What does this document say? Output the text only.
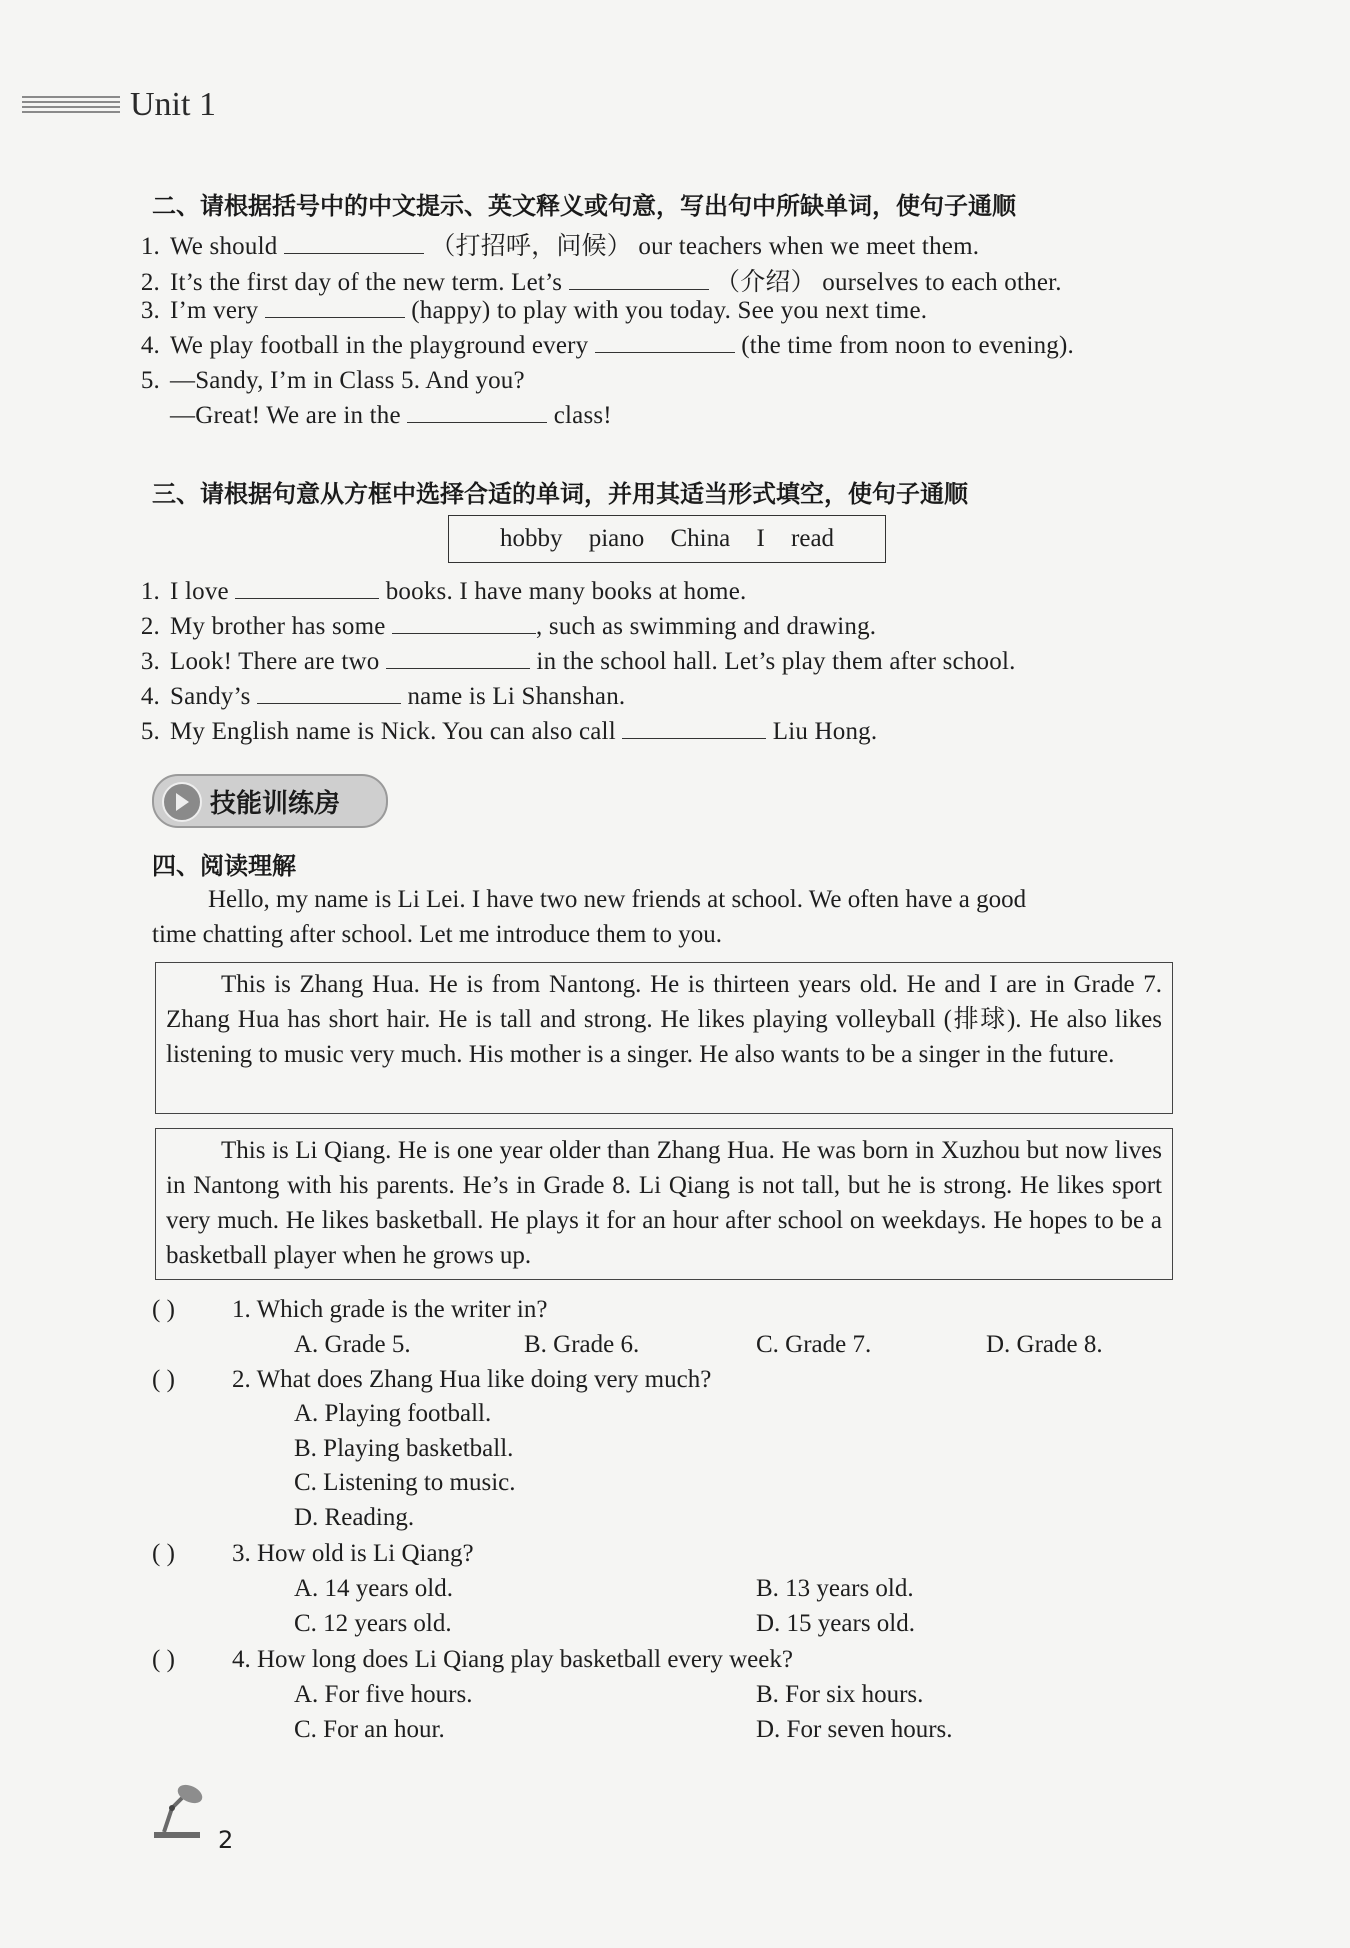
Unit 1
二、请根据括号中的中文提示、英文释义或句意，写出句中所缺单词，使句子通顺
1. We should	（打招呼，问候） our teachers when we meet them.
2. It’s the first day of the new term. Let’s	（介绍） ourselves to each other.
3. I’m very	(happy) to play with you today. See you next time.
4. We play football in the playground every	(the time from noon to evening).
5. —Sandy, I’m in Class 5. And you?
—Great! We are in the	class!
三、请根据句意从方框中选择合适的单词，并用其适当形式填空，使句子通顺
hobby piano China I read
1. I love	books. I have many books at home.
2. My brother has some	, such as swimming and drawing.
3. Look! There are two	in the school hall. Let’s play them after school.
4. Sandy’s	name is Li Shanshan.
5. My English name is Nick. You can also call	Liu Hong.
技能训练房
四、阅读理解
Hello, my name is Li Lei. I have two new friends at school. We often have a good
time chatting after school. Let me introduce them to you.

This is Zhang Hua. He is from Nantong. He is thirteen years old. He and I are in Grade 7. Zhang Hua has short hair. He is tall and strong. He likes playing volleyball (排球). He also likes listening to music very much. His mother is a singer. He also wants to be a singer in the future.

This is Li Qiang. He is one year older than Zhang Hua. He was born in Xuzhou but now lives in Nantong with his parents. He’s in Grade 8. Li Qiang is not tall, but he is strong. He likes sport very much. He likes basketball. He plays it for an hour after school on weekdays. He hopes to be a basketball player when he grows up.

( ) 1. Which grade is the writer in?
A. Grade 5.	B. Grade 6.	C. Grade 7.	D. Grade 8.
( ) 2. What does Zhang Hua like doing very much?
A. Playing football.
B. Playing basketball.
C. Listening to music.
D. Reading.
( ) 3. How old is Li Qiang?
A. 14 years old.	B. 13 years old.
C. 12 years old.	D. 15 years old.
( ) 4. How long does Li Qiang play basketball every week?
A. For five hours.	B. For six hours.
C. For an hour.	D. For seven hours.
2
